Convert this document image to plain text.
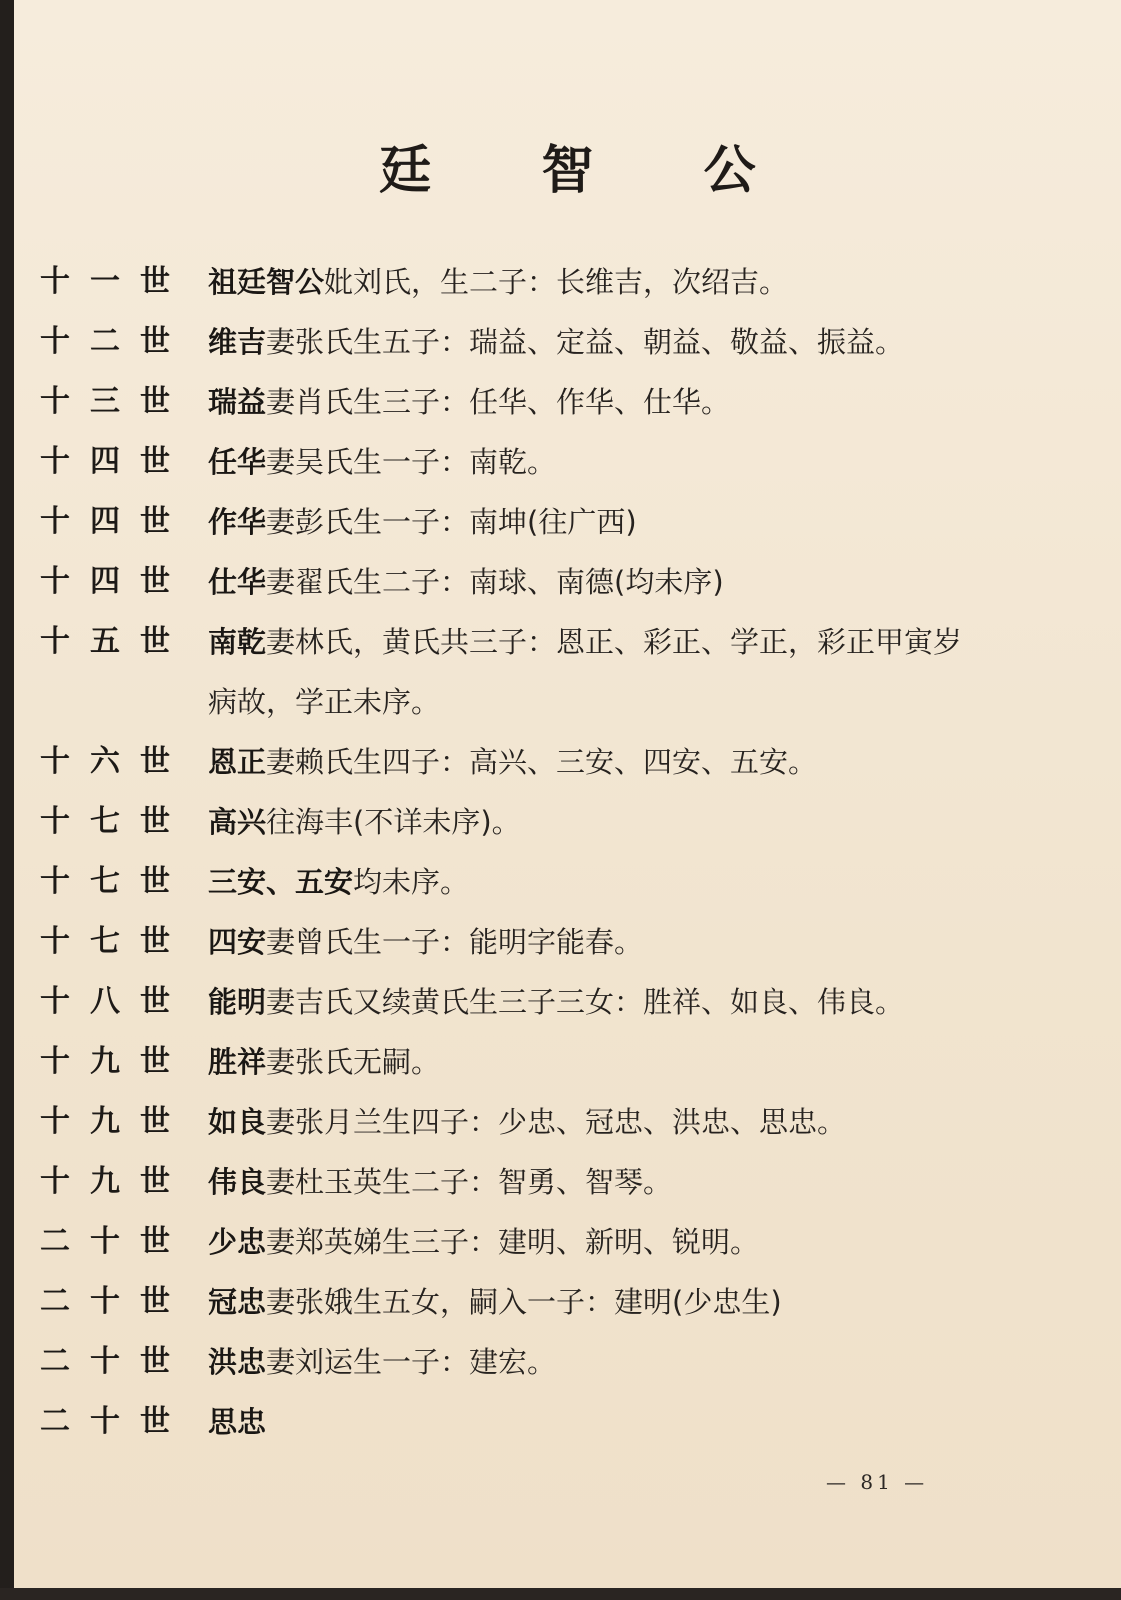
廷 智 公
十一世 祖廷智公妣刘氏，生二子：长维吉，次绍吉。
十二世 维吉妻张氏生五子：瑞益、定益、朝益、敬益、振益。
十三世 瑞益妻肖氏生三子：任华、作华、仕华。
十四世 任华妻吴氏生一子：南乾。
十四世 作华妻彭氏生一子：南坤(往广西)
十四世 仕华妻翟氏生二子：南球、南德(均未序)
十五世 南乾妻林氏，黄氏共三子：恩正、彩正、学正，彩正甲寅岁病故，学正未序。
十六世 恩正妻赖氏生四子：高兴、三安、四安、五安。
十七世 高兴往海丰(不详未序)。
十七世 三安、五安均未序。
十七世 四安妻曾氏生一子：能明字能春。
十八世 能明妻吉氏又续黄氏生三子三女：胜祥、如良、伟良。
十九世 胜祥妻张氏无嗣。
十九世 如良妻张月兰生四子：少忠、冠忠、洪忠、思忠。
十九世 伟良妻杜玉英生二子：智勇、智琴。
二十世 少忠妻郑英娣生三子：建明、新明、锐明。
二十世 冠忠妻张娥生五女，嗣入一子：建明(少忠生)
二十世 洪忠妻刘运生一子：建宏。
二十世 思忠
— 81 —
